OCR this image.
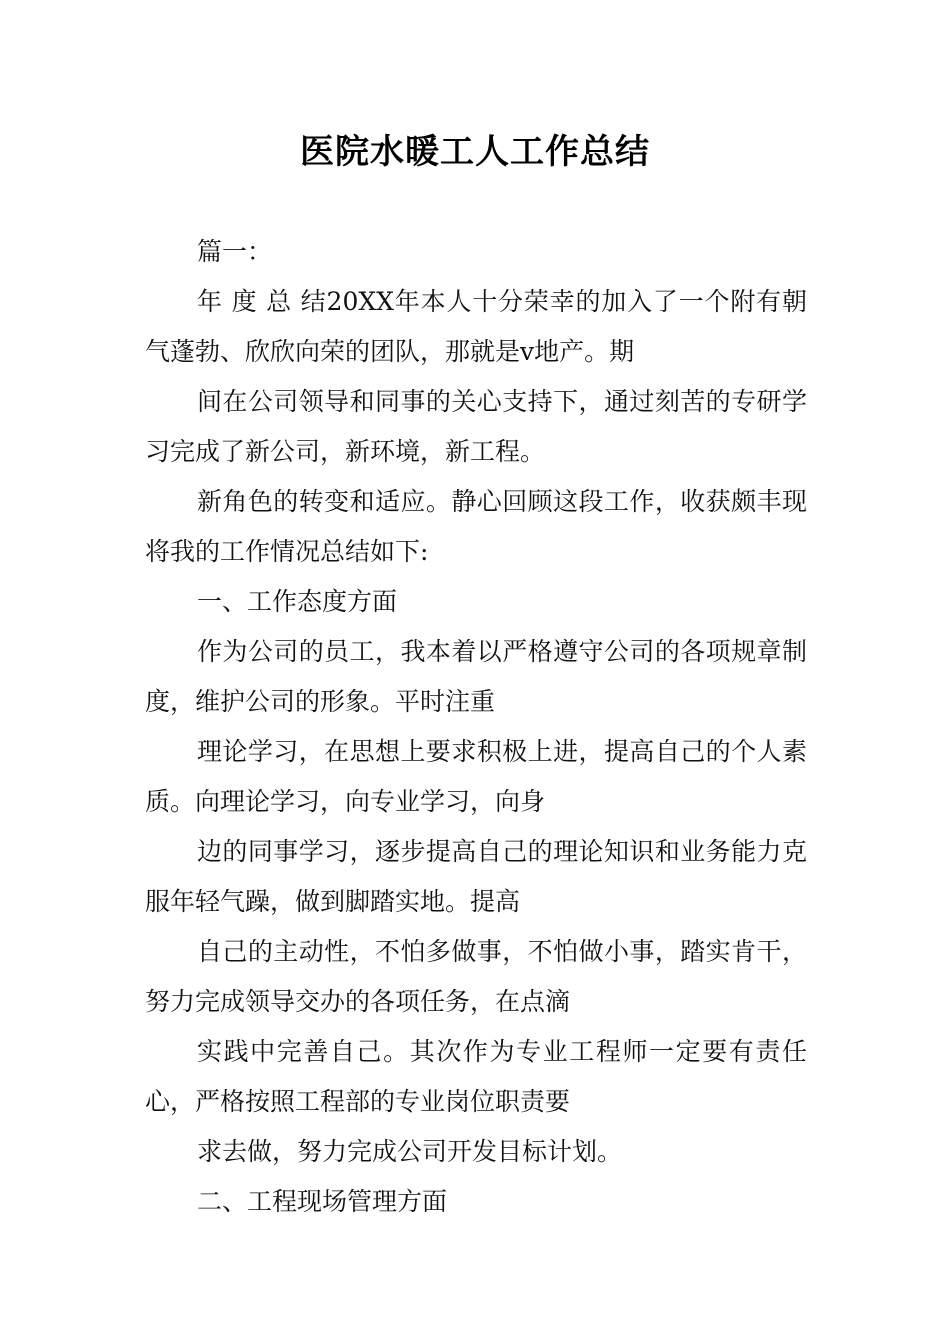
医院水暖工人工作总结

篇一：

年 度 总 结20XX年本人十分荣幸的加入了一个附有朝气蓬勃、欣欣向荣的团队，那就是v地产。期

间在公司领导和同事的关心支持下，通过刻苦的专研学习完成了新公司，新环境，新工程。

新角色的转变和适应。静心回顾这段工作，收获颇丰现将我的工作情况总结如下:

一、工作态度方面

作为公司的员工，我本着以严格遵守公司的各项规章制度，维护公司的形象。平时注重

理论学习，在思想上要求积极上进，提高自己的个人素质。向理论学习，向专业学习，向身

边的同事学习，逐步提高自己的理论知识和业务能力克服年轻气躁，做到脚踏实地。提高

自己的主动性，不怕多做事，不怕做小事，踏实肯干，努力完成领导交办的各项任务，在点滴

实践中完善自己。其次作为专业工程师一定要有责任心，严格按照工程部的专业岗位职责要

求去做，努力完成公司开发目标计划。

二、工程现场管理方面
